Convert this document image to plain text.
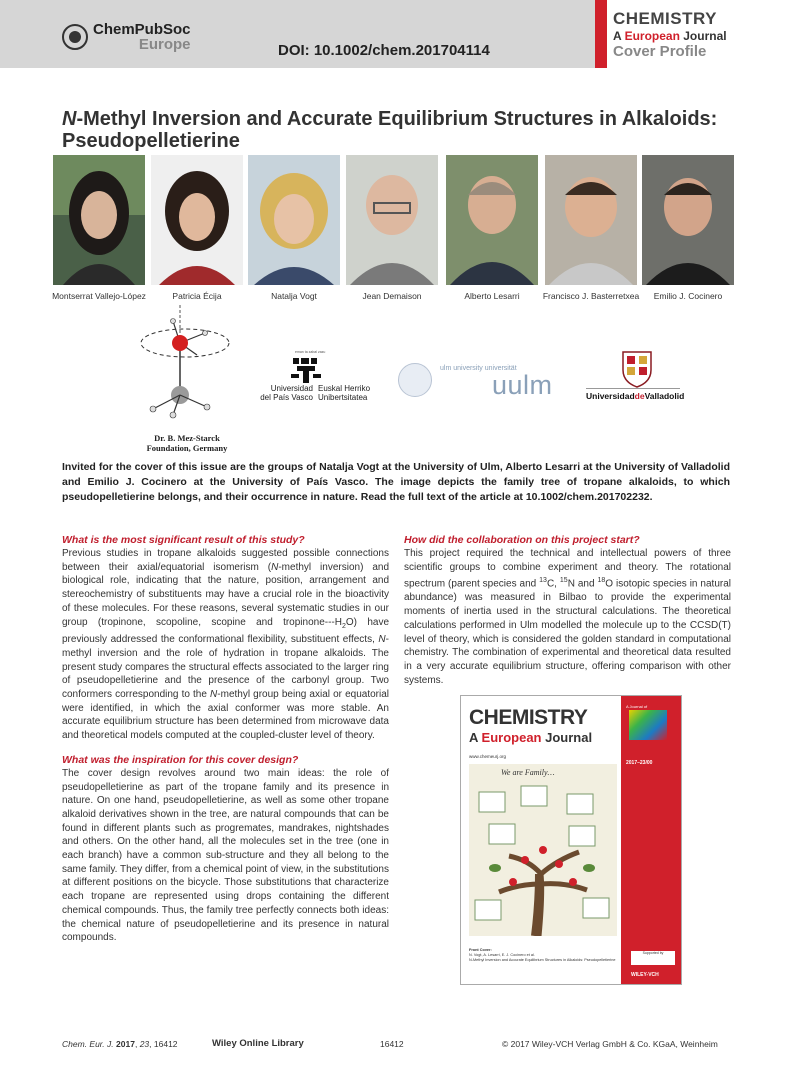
ChemPubSoc
Europe	DOI: 10.1002/chem.201704114
CHEMISTRY
A European Journal
Cover Profile
N-Methyl Inversion and Accurate Equilibrium Structures in Alkaloids: Pseudopelletierine
Montserrat Vallejo-López	Patricia Écija	Natalja Vogt	Jean Demaison	Alberto Lesarri	Francisco J. Basterretxea	Emilio J. Cocinero
Dr. B. Mez-Starck
Foundation, Germany
eman ta zabal zazu
Universidad
del País Vasco
Euskal Herriko
Unibertsitatea
ulm university universität
uulm	UniversidaddeValladolid
Invited for the cover of this issue are the groups of Natalja Vogt at the University of Ulm, Alberto Lesarri at the University of Valladolid and Emilio J. Cocinero at the University of País Vasco. The image depicts the family tree of tropane alkaloids, to which pseudopelletierine belongs, and their occurrence in nature. Read the full text of the article at 10.1002/chem.201702232.
What is the most significant result of this study?

Previous studies in tropane alkaloids suggested possible connections between their axial/equatorial isomerism (N-methyl inversion) and biological role, indicating that the nature, position, arrangement and stereochemistry of substituents may have a crucial role in the bioactivity of these molecules. For these reasons, several systematic studies in our group (tropinone, scopoline, scopine and tropinone-$--H_2O$) have previously addressed the conformational flexibility, substituent effects, N-methyl inversion and the role of hydration in tropane alkaloids. The present study compares the structural effects associated to the larger ring of pseudopelletierine and the presence of the carbonyl group. Two conformers corresponding to the N-methyl group being axial or equatorial were identified, in which the axial conformer was more stable. An accurate equilibrium structure has been determined from microwave data and theoretical models computed at the coupled-cluster level of theory.

What was the inspiration for this cover design?

The cover design revolves around two main ideas: the role of pseudopelletierine as part of the tropane family and its presence in nature. On one hand, pseudopelletierine, as well as some other tropane alkaloid derivatives shown in the tree, are natural compounds that can be found in different plants such as progremates, mandrakes, nightshades and others. On the other hand, all the molecules set in the tree (one in each branch) have a common sub-structure and they all belong to the same family. They differ, from a chemical point of view, in the substitutions at different positions on the bicycle. Those substitutions that characterize each tropane are represented using drops containing the different chemical compounds. Thus, the family tree perfectly connects both ideas: the chemical nature of pseudopelletierine and its presence in natural compounds.

How did the collaboration on this project start?

This project required the technical and intellectual powers of three scientific groups to combine experiment and theory. The rotational spectrum (parent species and $^{13}$C, $^{15}$N and $^{18}$O isotopic species in natural abundance) was measured in Bilbao to provide the experimental moments of inertia used in the structural calculations. The theoretical calculations performed in Ulm modelled the molecule up to the CCSD(T) level of theory, which is considered the golden standard in computational chemistry. The combination of experimental and theoretical data resulted in a very accurate equilibrium structure, offering comparison with other systems.

A Journal of
2017–23/00
CHEMISTRY
A European Journal
www.chemeurj.org
We are Family…
Front Cover:
N. Vogt, A. Lesarri, E. J. Cocinero et al.
N-Methyl Inversion and Accurate Equilibrium Structures in Alkaloids: Pseudopelletierine
Supported by
WILEY-VCH
Chem. Eur. J. 2017, 23, 16412	Wiley Online Library	16412	© 2017 Wiley-VCH Verlag GmbH & Co. KGaA, Weinheim
